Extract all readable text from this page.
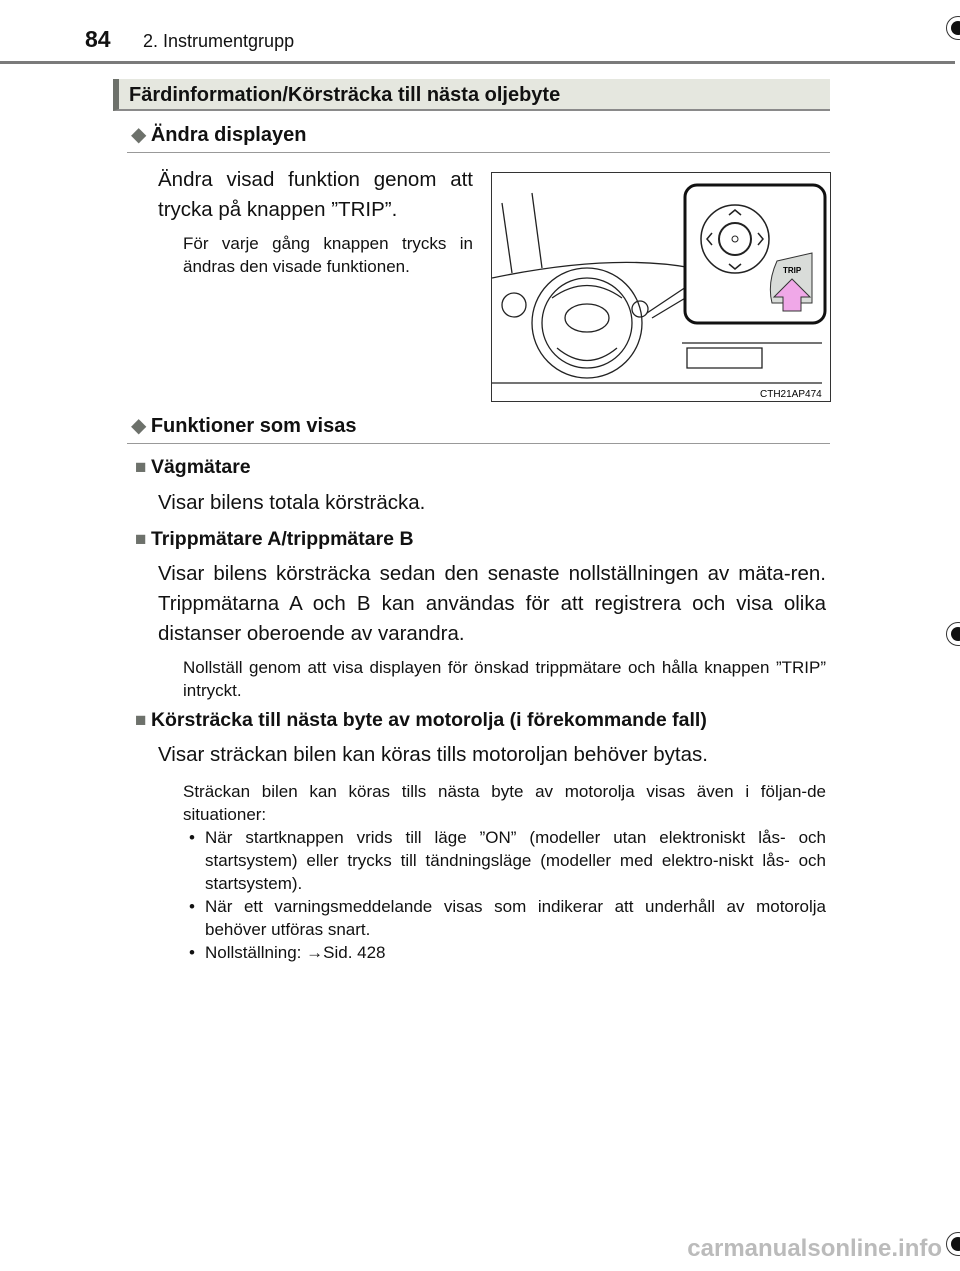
84 2. Instrumentgrupp
Färdinformation/Körsträcka till nästa oljebyte
◆ Ändra displayen
Ändra visad funktion genom att trycka på knappen ”TRIP”.
För varje gång knappen trycks in ändras den visade funktionen.	TRIP
CTH21AP474
◆ Funktioner som visas
■ Vägmätare
Visar bilens totala körsträcka.
■ Trippmätare A/trippmätare B
Visar bilens körsträcka sedan den senaste nollställningen av mäta-ren. Trippmätarna A och B kan användas för att registrera och visa olika distanser oberoende av varandra.
Nollställ genom att visa displayen för önskad trippmätare och hålla knappen ”TRIP” intryckt.
■ Körsträcka till nästa byte av motorolja (i förekommande fall)
Visar sträckan bilen kan köras tills motoroljan behöver bytas.
Sträckan bilen kan köras tills nästa byte av motorolja visas även i följan-de situationer:
• När startknappen vrids till läge ”ON” (modeller utan elektroniskt lås- och startsystem) eller trycks till tändningsläge (modeller med elektro-niskt lås- och startsystem).
• När ett varningsmeddelande visas som indikerar att underhåll av motorolja behöver utföras snart.
• Nollställning: →Sid. 428
carmanualsonline.info
